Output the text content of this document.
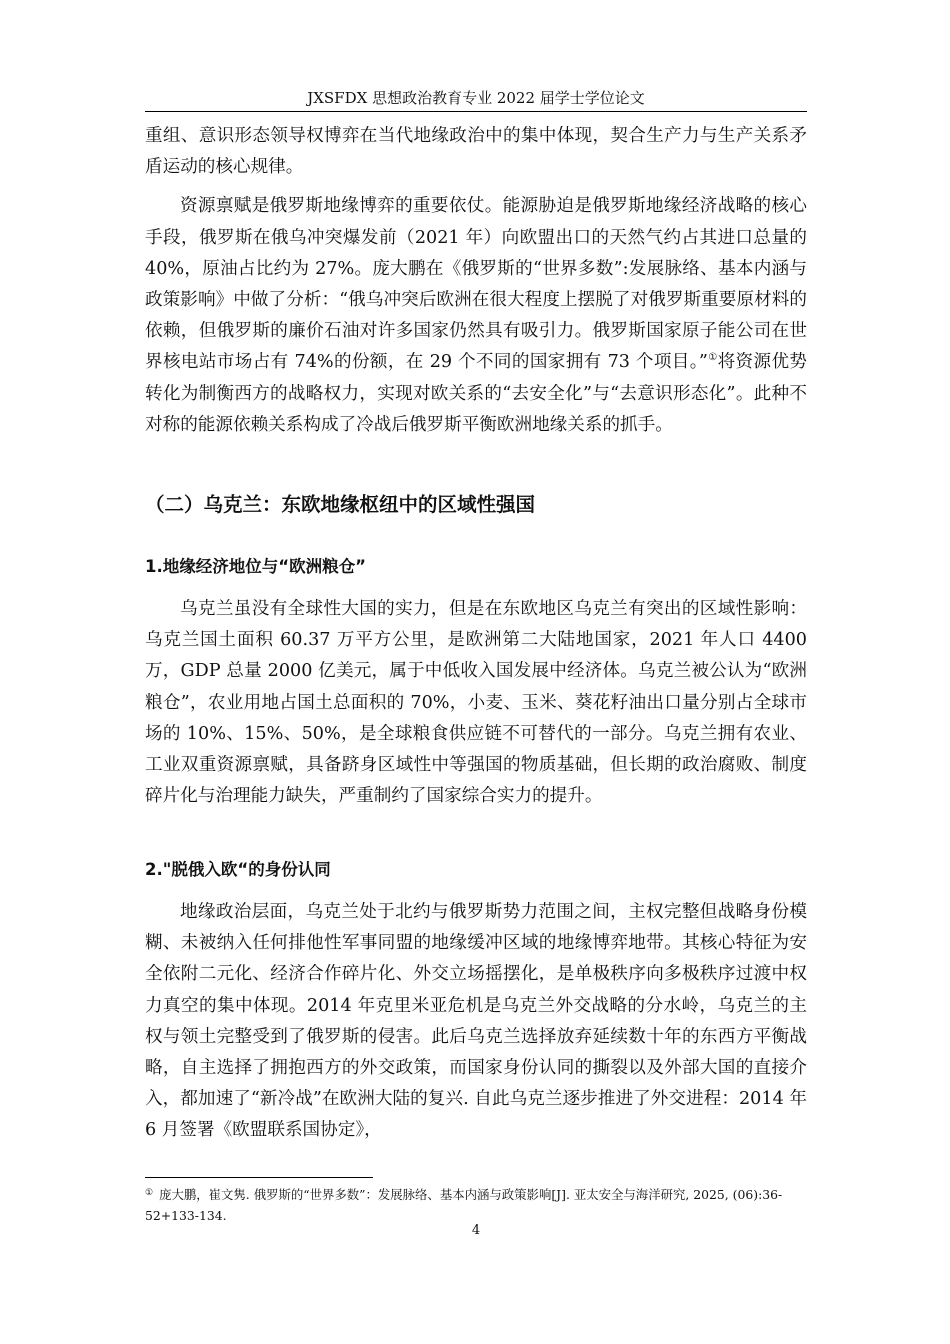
JXSFDX 思想政治教育专业 2022 届学士学位论文

重组、意识形态领导权博弈在当代地缘政治中的集中体现，契合生产力与生产关系矛盾运动的核心规律。

资源禀赋是俄罗斯地缘博弈的重要依仗。能源胁迫是俄罗斯地缘经济战略的核心手段，俄罗斯在俄乌冲突爆发前（2021 年）向欧盟出口的天然气约占其进口总量的 40%，原油占比约为 27%。庞大鹏在《俄罗斯的“世界多数”:发展脉络、基本内涵与政策影响》中做了分析：“俄乌冲突后欧洲在很大程度上摆脱了对俄罗斯重要原材料的依赖，但俄罗斯的廉价石油对许多国家仍然具有吸引力。俄罗斯国家原子能公司在世界核电站市场占有 74%的份额，在 29 个不同的国家拥有 73 个项目。”①将资源优势转化为制衡西方的战略权力，实现对欧关系的“去安全化”与“去意识形态化”。此种不对称的能源依赖关系构成了冷战后俄罗斯平衡欧洲地缘关系的抓手。

（二）乌克兰：东欧地缘枢纽中的区域性强国
1.地缘经济地位与“欧洲粮仓”

乌克兰虽没有全球性大国的实力，但是在东欧地区乌克兰有突出的区域性影响：乌克兰国土面积 60.37 万平方公里，是欧洲第二大陆地国家，2021 年人口 4400 万，GDP 总量 2000 亿美元，属于中低收入国发展中经济体。乌克兰被公认为“欧洲粮仓”，农业用地占国土总面积的 70%，小麦、玉米、葵花籽油出口量分别占全球市场的 10%、15%、50%，是全球粮食供应链不可替代的一部分。乌克兰拥有农业、工业双重资源禀赋，具备跻身区域性中等强国的物质基础，但长期的政治腐败、制度碎片化与治理能力缺失，严重制约了国家综合实力的提升。

2."脱俄入欧“的身份认同

地缘政治层面，乌克兰处于北约与俄罗斯势力范围之间，主权完整但战略身份模糊、未被纳入任何排他性军事同盟的地缘缓冲区域的地缘博弈地带。其核心特征为安全依附二元化、经济合作碎片化、外交立场摇摆化，是单极秩序向多极秩序过渡中权力真空的集中体现。2014 年克里米亚危机是乌克兰外交战略的分水岭，乌克兰的主权与领土完整受到了俄罗斯的侵害。此后乌克兰选择放弃延续数十年的东西方平衡战略，自主选择了拥抱西方的外交政策，而国家身份认同的撕裂以及外部大国的直接介入，都加速了“新冷战”在欧洲大陆的复兴. 自此乌克兰逐步推进了外交进程：2014 年 6 月签署《欧盟联系国协定》，

① 庞大鹏，崔文隽. 俄罗斯的“世界多数”：发展脉络、基本内涵与政策影响[J]. 亚太安全与海洋研究, 2025, (06):36-52+133-134.

4
